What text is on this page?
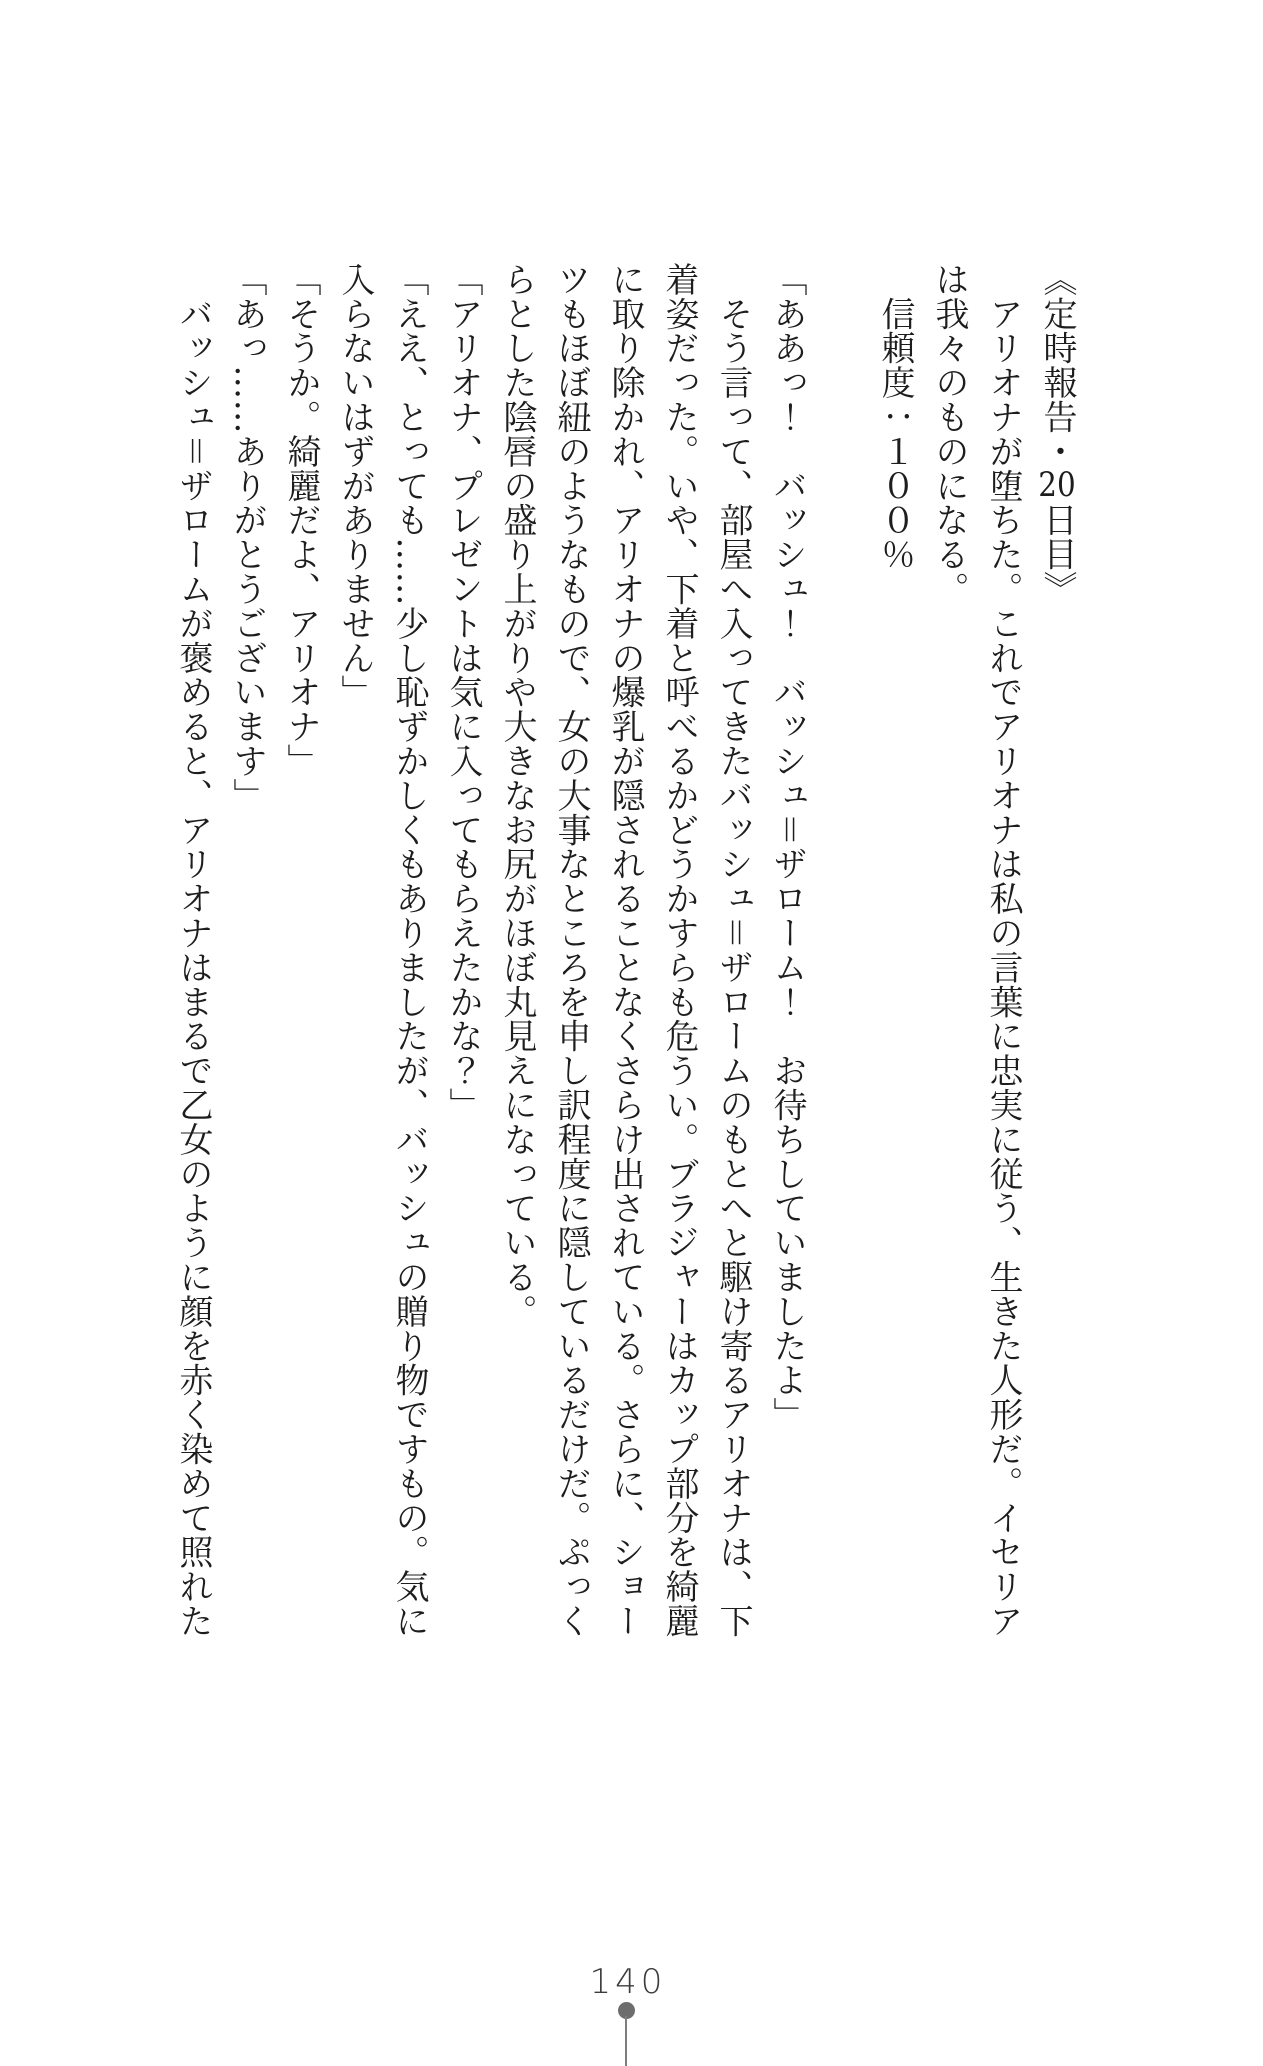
《定時報告・20日目》

　アリオナが堕ちた。これでアリオナは私の言葉に忠実に従う、生きた人形だ。イセリア

は我々のものになる。

　信頼度：１００％

「ああっ！　バッシュ！　バッシュ＝ザローム！　お待ちしていましたよ」

　そう言って、部屋へ入ってきたバッシュ＝ザロームのもとへと駆け寄るアリオナは、下

着姿だった。いや、下着と呼べるかどうかすらも危うい。ブラジャーはカップ部分を綺麗

に取り除かれ、アリオナの爆乳が隠されることなくさらけ出されている。さらに、ショー

ツもほぼ紐のようなもので、女の大事なところを申し訳程度に隠しているだけだ。ぷっく

らとした陰唇の盛り上がりや大きなお尻がほぼ丸見えになっている。

「アリオナ、プレゼントは気に入ってもらえたかな？」

「ええ、とっても……少し恥ずかしくもありましたが、バッシュの贈り物ですもの。気に

入らないはずがありません」

「そうか。綺麗だよ、アリオナ」

「あっ……ありがとうございます」

　バッシュ＝ザロームが褒めると、アリオナはまるで乙女のように顔を赤く染めて照れた

140
